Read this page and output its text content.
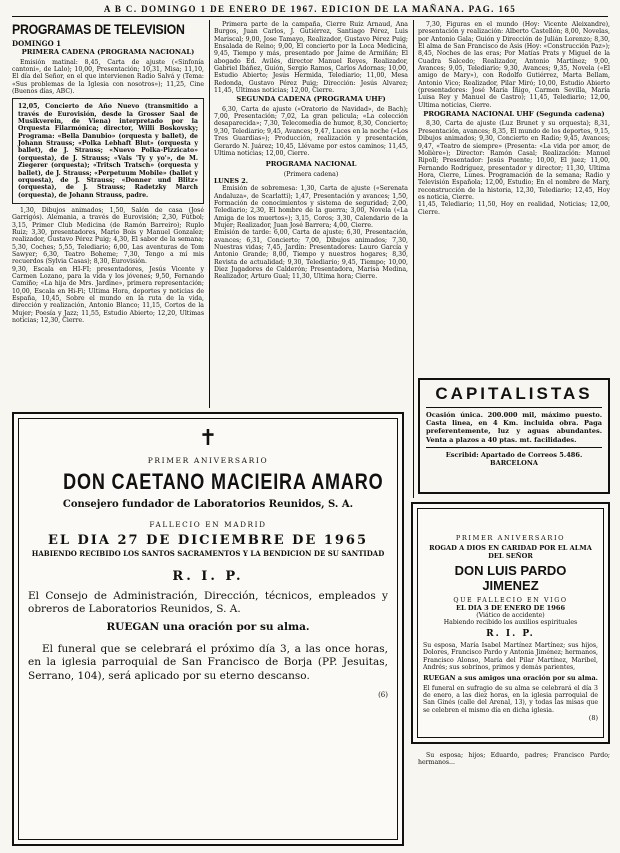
A B C. DOMINGO 1 DE ENERO DE 1967. EDICION DE LA MAÑANA. PAG. 165
PROGRAMAS DE TELEVISION
DOMINGO 1
PRIMERA CADENA (PROGRAMA NACIONAL)

Emisión matinal: 8,45, Carta de ajuste («Sinfonía cantoni», de Lalo); 10,00, Presentación; 10,31, Misa; 11,10, El día del Señor, en el que intervienen Radio Salvá y (Tema: «Sus problemas de la Iglesia con nosotros»); 11,25, Cine (Buenos días, ABC).

12,05, Concierto de Año Nuevo (transmitido a través de Eurovisión, desde la Grosser Saal de Musikverein, de Viena) interpretado por la Orquesta Filarmónica; director, Willi Boskovsky; Programa: «Bella Danubio» (orquesta y ballet), de Johann Strauss; «Polka Lebhaft Blut» (orquesta y ballet), de J. Strauss; «Nuevo Polka-Pizzicato» (orquesta), de J. Strauss; «Vals 'Ty y yo'», de M. Ziegerer (orquesta); «Tritsch Tratsch» (orquesta y ballet), de J. Strauss; «Perpetuum Mobile» (ballet y orquesta), de J. Strauss; «Donner und Blitz» (orquesta), de J. Strauss; Radetzky March (orquesta), de Johann Strauss, padre.

1,30, Dibujos animados; 1,50, Salón de casa (José Garrigós). Alemania, a través de Eurovisión; 2,30, Fútbol; 3,15, Primer Club Medicina (de Ramón Barreiro); Ruplo Ruiz; 3,30, presentadores, Mario Bois y Manuel Gonzalez; realizador, Gustavo Pérez Puig; 4,30, El sabor de la semana; 5,30, Coches; 5,55, Telediario; 6,00, Las aventuras de Tom Sawyer; 6,30, Teatro Boheme; 7,30, Tengo a mí mis recuerdos (Sylvia Casas); 8,30, Eurovisión.
9,30, Escala en HI-FI; presentadores, Jesús Vicente y Carmen Lozano, para la vida y los jóvenes; 9,50, Fernando Camiño; «La hija de Mrs. Jardine», primera representación; 10,00, Escala en Hi-Fi; Ultima Hora, deportes y noticias de España, 10,45, Sobre el mundo en la ruta de la vida, dirección y realización, Antonio Blanco; 11,15, Cortos de la Mujer; Poesía y Jazz; 11,55, Estudio Abierto; 12,20, Ultimas noticias; 12,30, Cierre.

Primera parte de la campaña, Cierre Ruiz Arnaud, Ana Burgos, Juan Carlos, J. Gutiérrez, Santiago Pérez, Luis Mariscal; 9,00, Jose Tamayo, Realizador, Gustavo Pérez Puig; Ensalada de Reino; 9,00, El concierto por la Loca Medicina, 9,45, Tiempo y más, presentado por Jaime de Armiñán; El abogado Ed. Avilés, director Manuel Reyes, Realizador, Gabriel Ibáñez, Guión, Sergio Ramos, Carlos Adornas; 10,00, Estudio Abierto; Jesús Hermida, Telediario; 11,00, Mesa Redonda, Gustavo Pérez Puig; Dirección: Jesús Alvarez; 11,45, Últimas noticias; 12,00, Cierre.

SEGUNDA CADENA (PROGRAMA UHF)

6,30, Carta de ajuste («Oratorio de Navidad», de Bach); 7,00, Presentación; 7,02, La gran pelicula; «La colección desaparecida»; 7,30, Telecomedia de humor, 8,30, Concierto; 9,30, Telediario; 9,45, Avances; 9,47, Luces en la noche («Los Tres Guardias»); Producción, realización y presentación, Gerardo N. Juárez; 10,45, Llévame por estos caminos; 11,45, Ultima noticias; 12,00, Cierre.

PROGRAMA NACIONAL
(Primera cadena)
LUNES 2.

Emisión de sobremesa: 1,30, Carta de ajuste («Serenata Andaluza», de Scarlatti); 1,47, Presentación y avances; 1,50, Formación de conocimientos y sistema de seguridad; 2,00, Telediario; 2,30, El hombre de la guerra; 3,00, Novela («La Amiga de los muertos»); 3,15, Coros; 3,30, Calendario de la Mujer; Realizador, Juan José Barrera; 4,00, Cierre.
Emisión de tarde: 6,00, Carta de ajuste; 6,30, Presentación, avances; 6,31, Concierto; 7,00, Dibujos animados; 7,30, Nuestras vidas; 7,45, Jardín: Presentadores: Lauro García y Antonio Grande; 8,00, Tiempo y nuestros hogares; 8,30, Revista de actualidad; 9,30, Telediario; 9,45, Tiempo; 10,00, Diez Jugadores de Calderón; Presentadora, Marisa Medina, Realizador, Arturo Gual; 11,30, Ultima hora; Cierre.

7,30, Figuras en el mundo (Hoy: Vicente Aleixandre), presentación y realización: Alberto Castellón; 8,00, Novelas, por Antonio Gala; Guión y Dirección de Julián Lorenzo; 8,30, El alma de San Francisco de Asis (Hoy: «Construcción Paz»); 8,45, Noches de las eras; Por Matías Prats y Miguel de la Cuadra Salcedo; Realizador, Antonio Martínez; 9,00, Avances; 9,05, Telediario; 9,30, Avances; 9,35, Novela («El amigo de Mary»), con Rodolfo Gutiérrez, Marta Bellam, Antonio Vico; Realizador, Pilar Miró; 10,00, Estudio Abierto (presentadores: José María Íñigo, Carmen Sevilla, María Luisa Rey y Manuel de Castro); 11,45, Telediario; 12,00, Ultima noticias, Cierre.

PROGRAMA NACIONAL UHF (Segunda cadena)

8,30, Carta de ajuste (Luz Brunet y su orquesta); 8,31, Presentación, avances; 8,35, El mundo de los deportes, 9,15, Dibujos animados; 9,30, Concierto en Radio; 9,45, Avances; 9,47, «Teatro de siempre» (Presenta: «La vida por amor, de Molière»); Director: Ramón Casal; Realización: Manuel Ripoll; Presentador: Jesús Puente; 10,00, El juez; 11,00, Fernando Rodríguez, presentador y director; 11,30, Ultima Hora, Cierre, Lunes. Programación de la semana; Radio y Televisión Española; 12,00, Estudio; En el nombre de Mary, reconstrucción de la historia, 12,30, Telediario; 12,45, Hoy es noticia, Cierre.
11,45, Telediario; 11,50, Hoy en realidad, Noticias; 12,00, Cierre.

CAPITALISTAS
Ocasión única. 200.000 mil, máximo puesto. Casta linea, en 4 Km. incluida obra. Paga preferentemente, luz y aguas abundantes. Venta a plazos a 40 ptas. mt. facilidades.
Escribid: Apartado de Correos 5.486. BARCELONA
✝
PRIMER ANIVERSARIO
DON CAETANO MACIEIRA AMARO
Consejero fundador de Laboratorios Reunidos, S. A.
FALLECIO EN MADRID
EL DIA 27 DE DICIEMBRE DE 1965
HABIENDO RECIBIDO LOS SANTOS SACRAMENTOS Y LA BENDICION DE SU SANTIDAD
R. I. P.
El Consejo de Administración, Dirección, técnicos, empleados y obreros de Laboratorios Reunidos, S. A.
RUEGAN una oración por su alma.
El funeral que se celebrará el próximo día 3, a las once horas, en la iglesia parroquial de San Francisco de Borja (PP. Jesuitas, Serrano, 104), será aplicado por su eterno descanso.
(6)
PRIMER ANIVERSARIO
ROGAD A DIOS EN CARIDAD POR EL ALMA DEL SEÑOR
DON LUIS PARDO
JIMENEZ
QUE FALLECIO EN VIGO
EL DIA 3 DE ENERO DE 1966
(Viático de accidente)
Habiendo recibido los auxilios espirituales
R. I. P.
Su esposa, María Isabel Martínez Martínez; sus hijos, Dolores, Francisco Pardo y Antonia Jiménez; hermanos, Francisco Alonso, María del Pilar Martínez, Maribel, Andrés; sus sobrinos, primos y demás parientes,
RUEGAN a sus amigos una oración por su alma.
El funeral en sufragio de su alma se celebrará el día 3 de enero, a las diez horas, en la iglesia parroquial de San Ginés (calle del Arenal, 13), y todas las misas que se celebren el mismo día en dicha iglesia.
(8)

Su esposa; hijos; Eduardo, padres; Francisco Pardo; hermanos...
